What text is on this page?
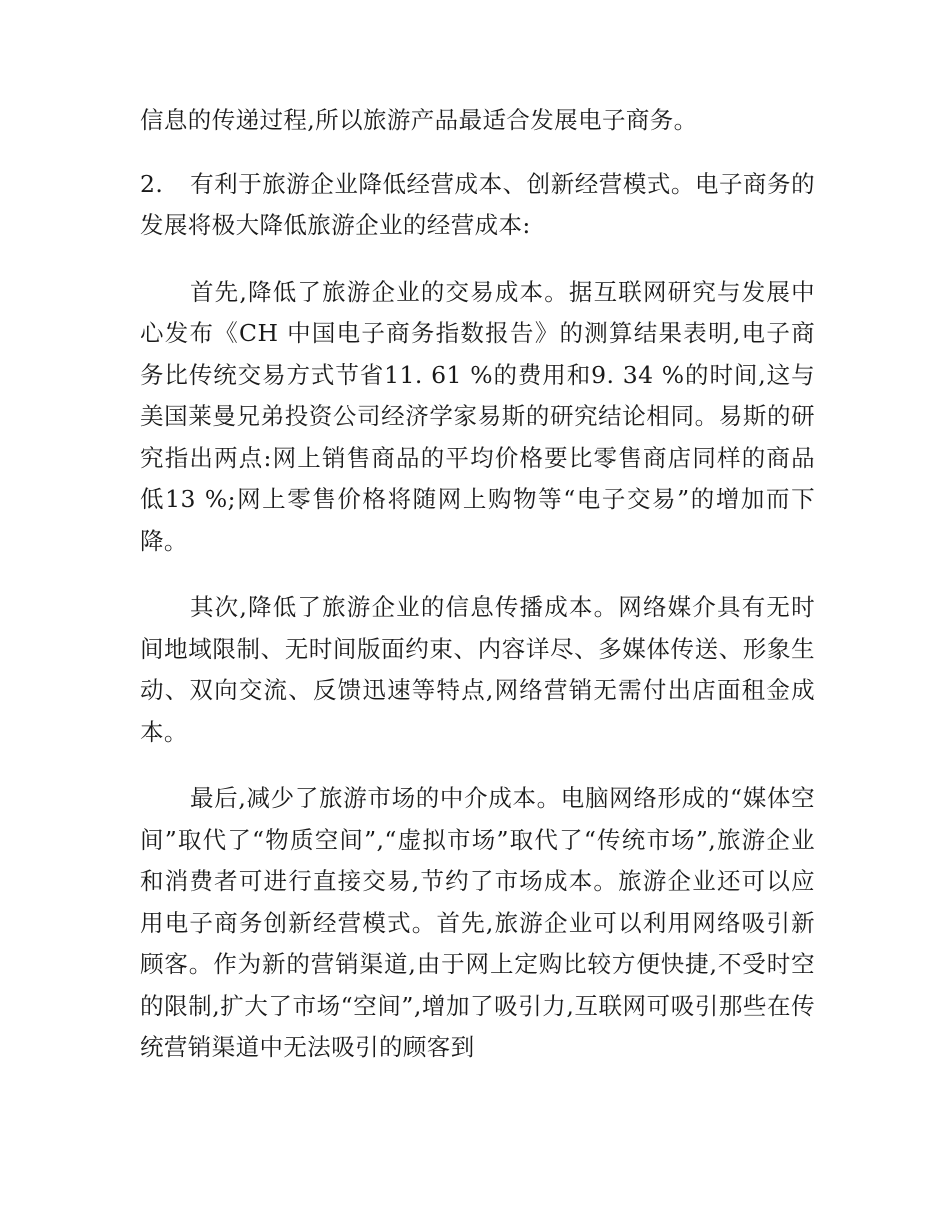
信息的传递过程,所以旅游产品最适合发展电子商务。

2. 有利于旅游企业降低经营成本、创新经营模式。电子商务的发展将极大降低旅游企业的经营成本:

首先,降低了旅游企业的交易成本。据互联网研究与发展中心发布《CH 中国电子商务指数报告》的测算结果表明,电子商务比传统交易方式节省11. 61 %的费用和9. 34 %的时间,这与美国莱曼兄弟投资公司经济学家易斯的研究结论相同。易斯的研究指出两点:网上销售商品的平均价格要比零售商店同样的商品低13 %;网上零售价格将随网上购物等“电子交易”的增加而下降。

其次,降低了旅游企业的信息传播成本。网络媒介具有无时间地域限制、无时间版面约束、内容详尽、多媒体传送、形象生动、双向交流、反馈迅速等特点,网络营销无需付出店面租金成本。

最后,减少了旅游市场的中介成本。电脑网络形成的“媒体空间”取代了“物质空间”,“虚拟市场”取代了“传统市场”,旅游企业和消费者可进行直接交易,节约了市场成本。旅游企业还可以应用电子商务创新经营模式。首先,旅游企业可以利用网络吸引新顾客。作为新的营销渠道,由于网上定购比较方便快捷,不受时空的限制,扩大了市场“空间”,增加了吸引力,互联网可吸引那些在传统营销渠道中无法吸引的顾客到
